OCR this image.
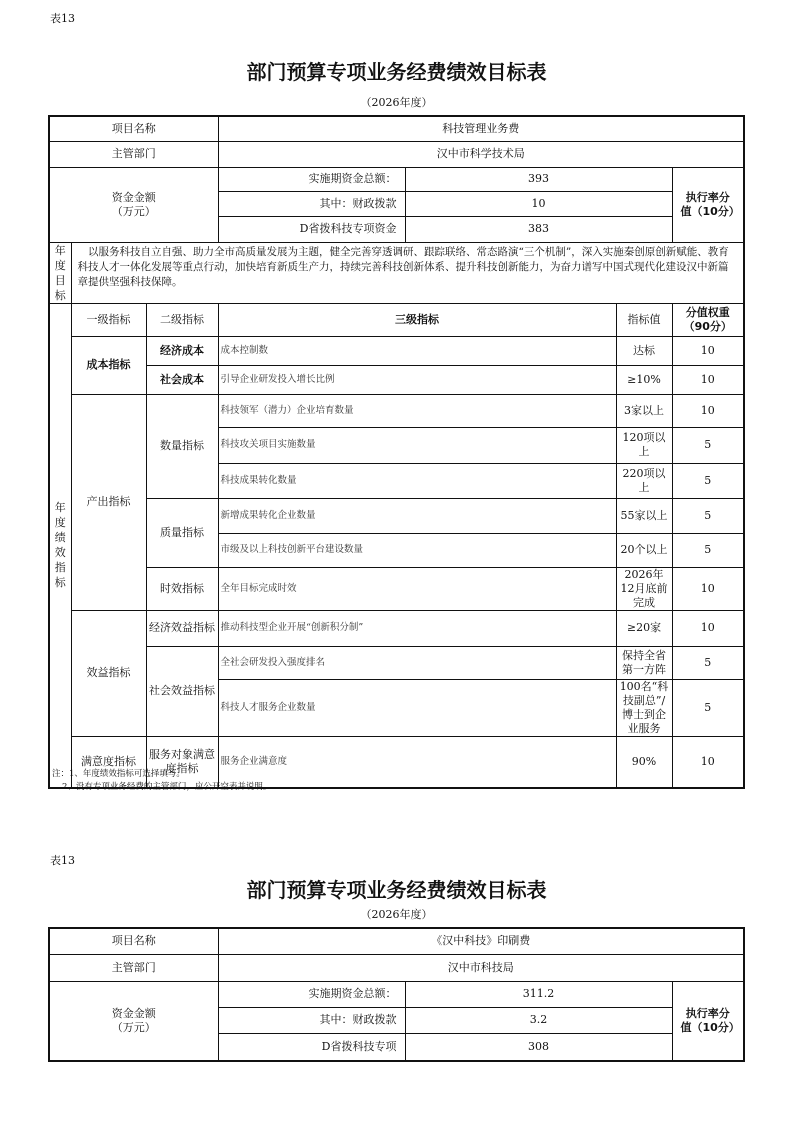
表13
部门预算专项业务经费绩效目标表
（2026年度）
项目名称			科技管理业务费			
主管部门			汉中市科学技术局			
资金金额（万元）			实施期资金总额：	393		执行率分值（10分）
			其中：财政拨款	10		
			D省拨科技专项资金	383		
年度目标	以服务科技自立自强、助力全市高质量发展为主题，健全完善穿透调研、跟踪联络、常态路演“三个机制”，深入实施秦创原创新赋能、教育科技人才一体化发展等重点行动，加快培育新质生产力，持续完善科技创新体系、提升科技创新能力，为奋力谱写中国式现代化建设汉中新篇章提供坚强科技保障。					
年度绩效指标	一级指标	二级指标	三级指标		指标值	分值权重（90分）
	成本指标	经济成本	成本控制数		达标	10
		社会成本	引导企业研发投入增长比例		≥10%	10
	产出指标	数量指标	科技领军（潜力）企业培育数量		3家以上	10
			科技攻关项目实施数量		120项以上	5
			科技成果转化数量		220项以上	5
		质量指标	新增成果转化企业数量		55家以上	5
			市级及以上科技创新平台建设数量		20个以上	5
		时效指标	全年目标完成时效		2026年12月底前完成	10
	效益指标	经济效益指标	推动科技型企业开展“创新积分制”		≥20家	10
		社会效益指标	全社会研发投入强度排名		保持全省第一方阵	5
			科技人才服务企业数量		100名“科技副总”/博士到企业服务	5
	满意度指标	服务对象满意度指标	服务企业满意度		90%	10
注：1、年度绩效指标可选择填写。
2、没有专项业务经费的主管部门，应公开空表并说明。
表13
部门预算专项业务经费绩效目标表
（2026年度）
项目名称	《汉中科技》印刷费		
主管部门	汉中市科技局		
资金金额（万元）	实施期资金总额：	311.2	执行率分值（10分）
	其中：财政拨款	3.2	
	D省拨科技专项	308	
